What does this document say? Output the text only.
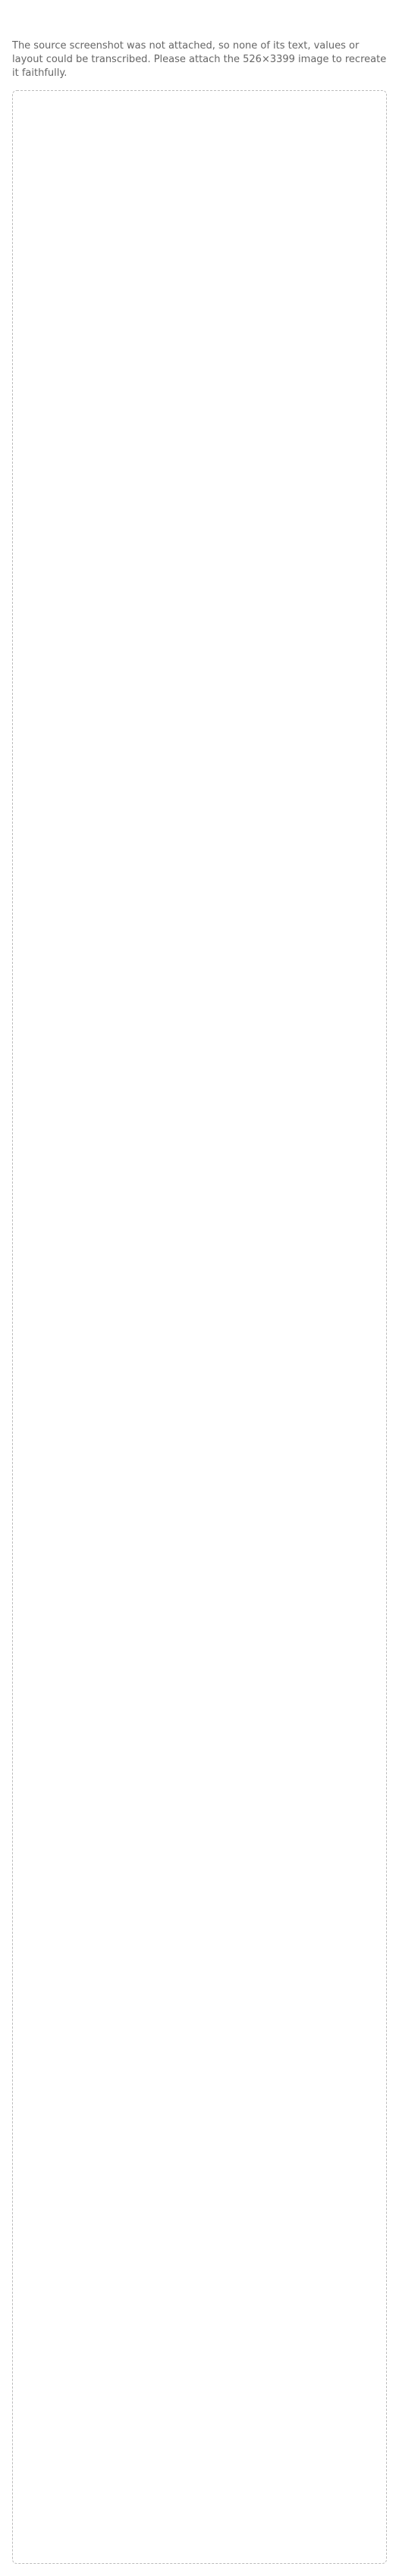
The source screenshot was not attached, so none of its text, values or layout could be transcribed. Please attach the 526×3399 image to recreate it faithfully.
